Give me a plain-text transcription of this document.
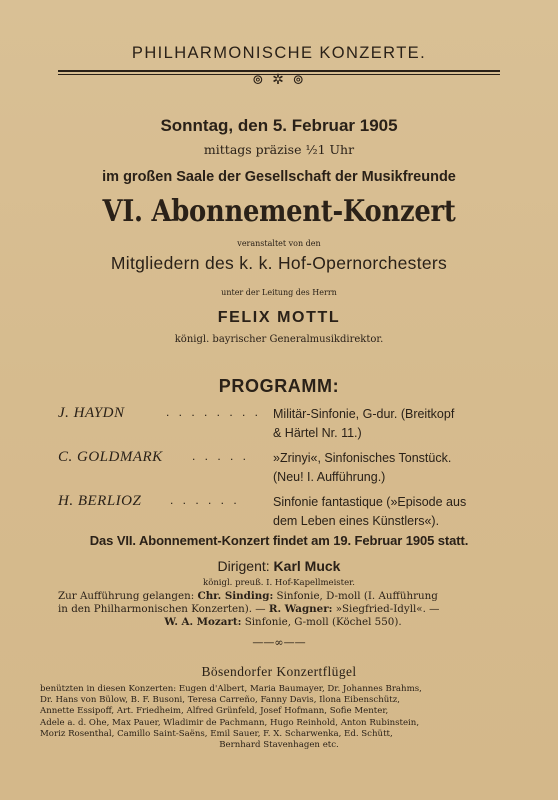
PHILHARMONISCHE KONZERTE.
⊚ ✲ ⊚
Sonntag, den 5. Februar 1905
mittags präzise ½1 Uhr
im großen Saale der Gesellschaft der Musikfreunde
VI. Abonnement-Konzert
veranstaltet von den
Mitgliedern des k. k. Hof-Opernorchesters
unter der Leitung des Herrn
FELIX MOTTL
königl. bayrischer Generalmusikdirektor.
PROGRAMM:
J. HAYDN	. . . . . . . . Militär-Sinfonie, G-dur. (Breitkopf
& Härtel Nr. 11.)
C. GOLDMARK . . . . . »Zrinyi«, Sinfonisches Tonstück.
(Neu! I. Aufführung.)
H. BERLIOZ . . . . . .	Sinfonie fantastique (»Episode aus
dem Leben eines Künstlers«).
Das VII. Abonnement-Konzert findet am 19. Februar 1905 statt.
Dirigent: Karl Muck
königl. preuß. I. Hof-Kapellmeister.
Zur Aufführung gelangen: Chr. Sinding: Sinfonie, D-moll (I. Aufführung
in den Philharmonischen Konzerten). — R. Wagner: »Siegfried-Idyll«. —
W. A. Mozart: Sinfonie, G-moll (Köchel 550).
——∞——
Bösendorfer Konzertflügel
benützten in diesen Konzerten: Eugen d'Albert, Maria Baumayer, Dr. Johannes Brahms,
Dr. Hans von Bülow, B. F. Busoni, Teresa Carreño, Fanny Davis, Ilona Eibenschütz,
Annette Essipoff, Art. Friedheim, Alfred Grünfeld, Josef Hofmann, Sofie Menter,
Adele a. d. Ohe, Max Pauer, Wladimir de Pachmann, Hugo Reinhold, Anton Rubinstein,
Moriz Rosenthal, Camillo Saint-Saëns, Emil Sauer, F. X. Scharwenka, Ed. Schütt,
Bernhard Stavenhagen etc.
